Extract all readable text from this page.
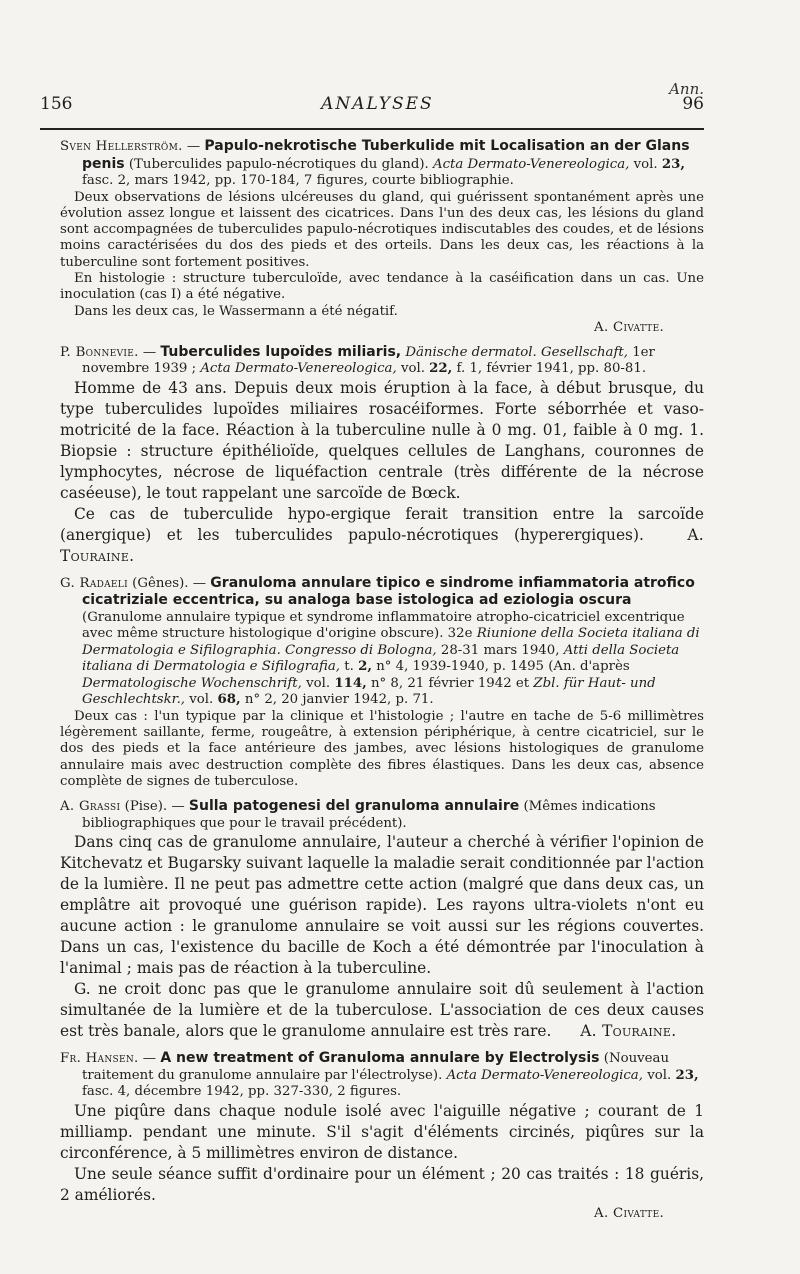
Ann.
156	ANALYSES	96

Sven Hellerström. — Papulo-nekrotische Tuberkulide mit Localisation an der Glans penis (Tuberculides papulo-nécrotiques du gland). Acta Dermato-Venereologica, vol. 23, fasc. 2, mars 1942, pp. 170-184, 7 figures, courte bibliographie.

Deux observations de lésions ulcéreuses du gland, qui guérissent spontanément après une évolution assez longue et laissent des cicatrices. Dans l'un des deux cas, les lésions du gland sont accompagnées de tuberculides papulo-nécrotiques indiscutables des coudes, et de lésions moins caractérisées du dos des pieds et des orteils. Dans les deux cas, les réactions à la tuberculine sont fortement positives.

En histologie : structure tuberculoïde, avec tendance à la caséification dans un cas. Une inoculation (cas I) a été négative.

Dans les deux cas, le Wassermann a été négatif.

A. Civatte.

P. Bonnevie. — Tuberculides lupoïdes miliaris, Dänische dermatol. Gesellschaft, 1er novembre 1939 ; Acta Dermato-Venereologica, vol. 22, f. 1, février 1941, pp. 80-81.

Homme de 43 ans. Depuis deux mois éruption à la face, à début brusque, du type tuberculides lupoïdes miliaires rosacéiformes. Forte séborrhée et vaso-motricité de la face. Réaction à la tuberculine nulle à 0 mg. 01, faible à 0 mg. 1. Biopsie : structure épithélioïde, quelques cellules de Langhans, couronnes de lymphocytes, nécrose de liquéfaction centrale (très différente de la nécrose caséeuse), le tout rappelant une sarcoïde de Bœck.

Ce cas de tuberculide hypo-ergique ferait transition entre la sarcoïde (anergique) et les tuberculides papulo-nécrotiques (hyperergiques).	A. Touraine.

G. Radaeli (Gênes). — Granuloma annulare tipico e sindrome infiammatoria atrofico cicatriziale eccentrica, su analoga base istologica ad eziologia oscura (Granulome annulaire typique et syndrome inflammatoire atropho-cicatriciel excentrique avec même structure histologique d'origine obscure). 32e Riunione della Societa italiana di Dermatologia e Sifilographia. Congresso di Bologna, 28-31 mars 1940, Atti della Societa italiana di Dermatologia e Sifilografia, t. 2, n° 4, 1939-1940, p. 1495 (An. d'après Dermatologische Wochenschrift, vol. 114, n° 8, 21 février 1942 et Zbl. für Haut- und Geschlechtskr., vol. 68, n° 2, 20 janvier 1942, p. 71.

Deux cas : l'un typique par la clinique et l'histologie ; l'autre en tache de 5-6 millimètres légèrement saillante, ferme, rougeâtre, à extension périphérique, à centre cicatriciel, sur le dos des pieds et la face antérieure des jambes, avec lésions histologiques de granulome annulaire mais avec destruction complète des fibres élastiques. Dans les deux cas, absence complète de signes de tuberculose.

A. Grassi (Pise). — Sulla patogenesi del granuloma annulaire (Mêmes indications bibliographiques que pour le travail précédent).

Dans cinq cas de granulome annulaire, l'auteur a cherché à vérifier l'opinion de Kitchevatz et Bugarsky suivant laquelle la maladie serait conditionnée par l'action de la lumière. Il ne peut pas admettre cette action (malgré que dans deux cas, un emplâtre ait provoqué une guérison rapide). Les rayons ultra-violets n'ont eu aucune action : le granulome annulaire se voit aussi sur les régions couvertes. Dans un cas, l'existence du bacille de Koch a été démontrée par l'inoculation à l'animal ; mais pas de réaction à la tuberculine.

G. ne croit donc pas que le granulome annulaire soit dû seulement à l'action simultanée de la lumière et de la tuberculose. L'association de ces deux causes est très banale, alors que le granulome annulaire est très rare. A. Touraine.

Fr. Hansen. — A new treatment of Granuloma annulare by Electrolysis (Nouveau traitement du granulome annulaire par l'électrolyse). Acta Dermato-Venereologica, vol. 23, fasc. 4, décembre 1942, pp. 327-330, 2 figures.

Une piqûre dans chaque nodule isolé avec l'aiguille négative ; courant de 1 milliamp. pendant une minute. S'il s'agit d'éléments circinés, piqûres sur la circonférence, à 5 millimètres environ de distance.

Une seule séance suffit d'ordinaire pour un élément ; 20 cas traités : 18 guéris, 2 améliorés.

A. Civatte.
